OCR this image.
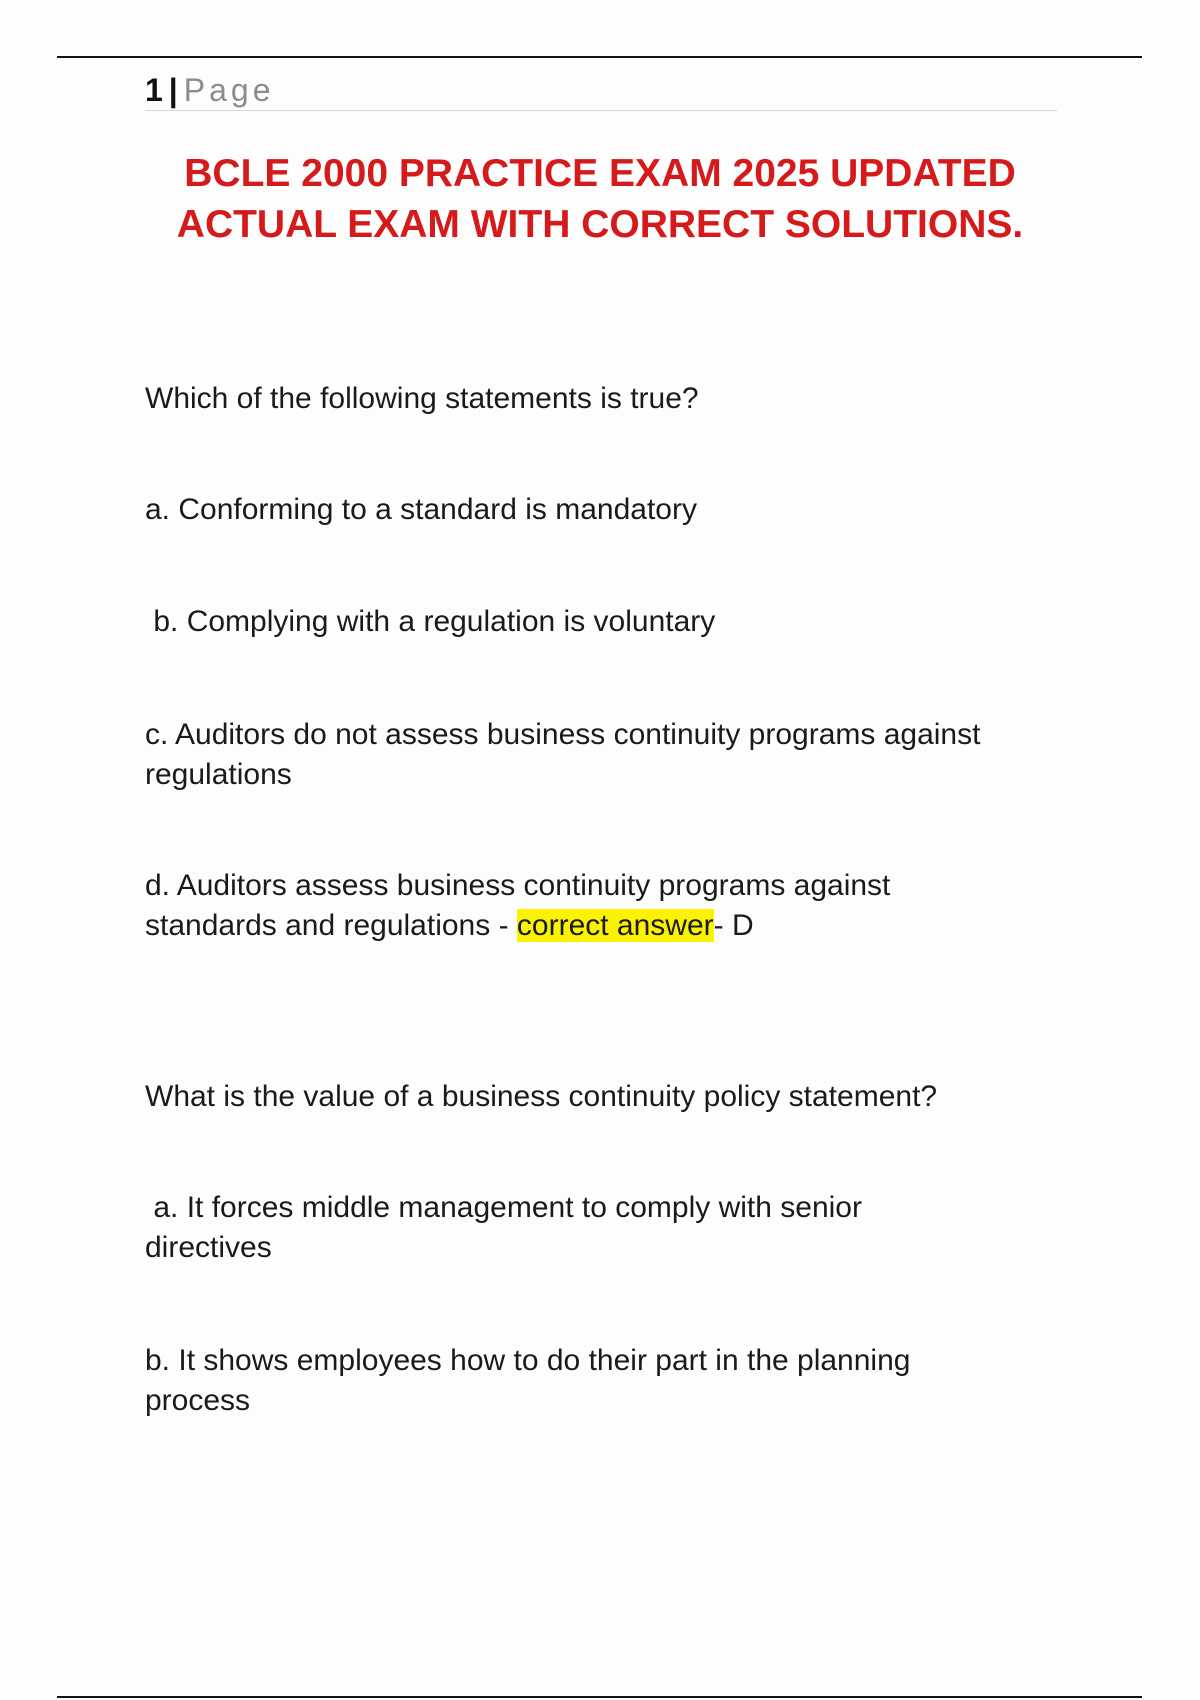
1 | Page
BCLE 2000 PRACTICE EXAM 2025 UPDATED
ACTUAL EXAM WITH CORRECT SOLUTIONS.
Which of the following statements is true?
a. Conforming to a standard is mandatory
b. Complying with a regulation is voluntary
c. Auditors do not assess business continuity programs against
regulations
d. Auditors assess business continuity programs against
standards and regulations - correct answer- D
What is the value of a business continuity policy statement?
a. It forces middle management to comply with senior
directives
b. It shows employees how to do their part in the planning
process
